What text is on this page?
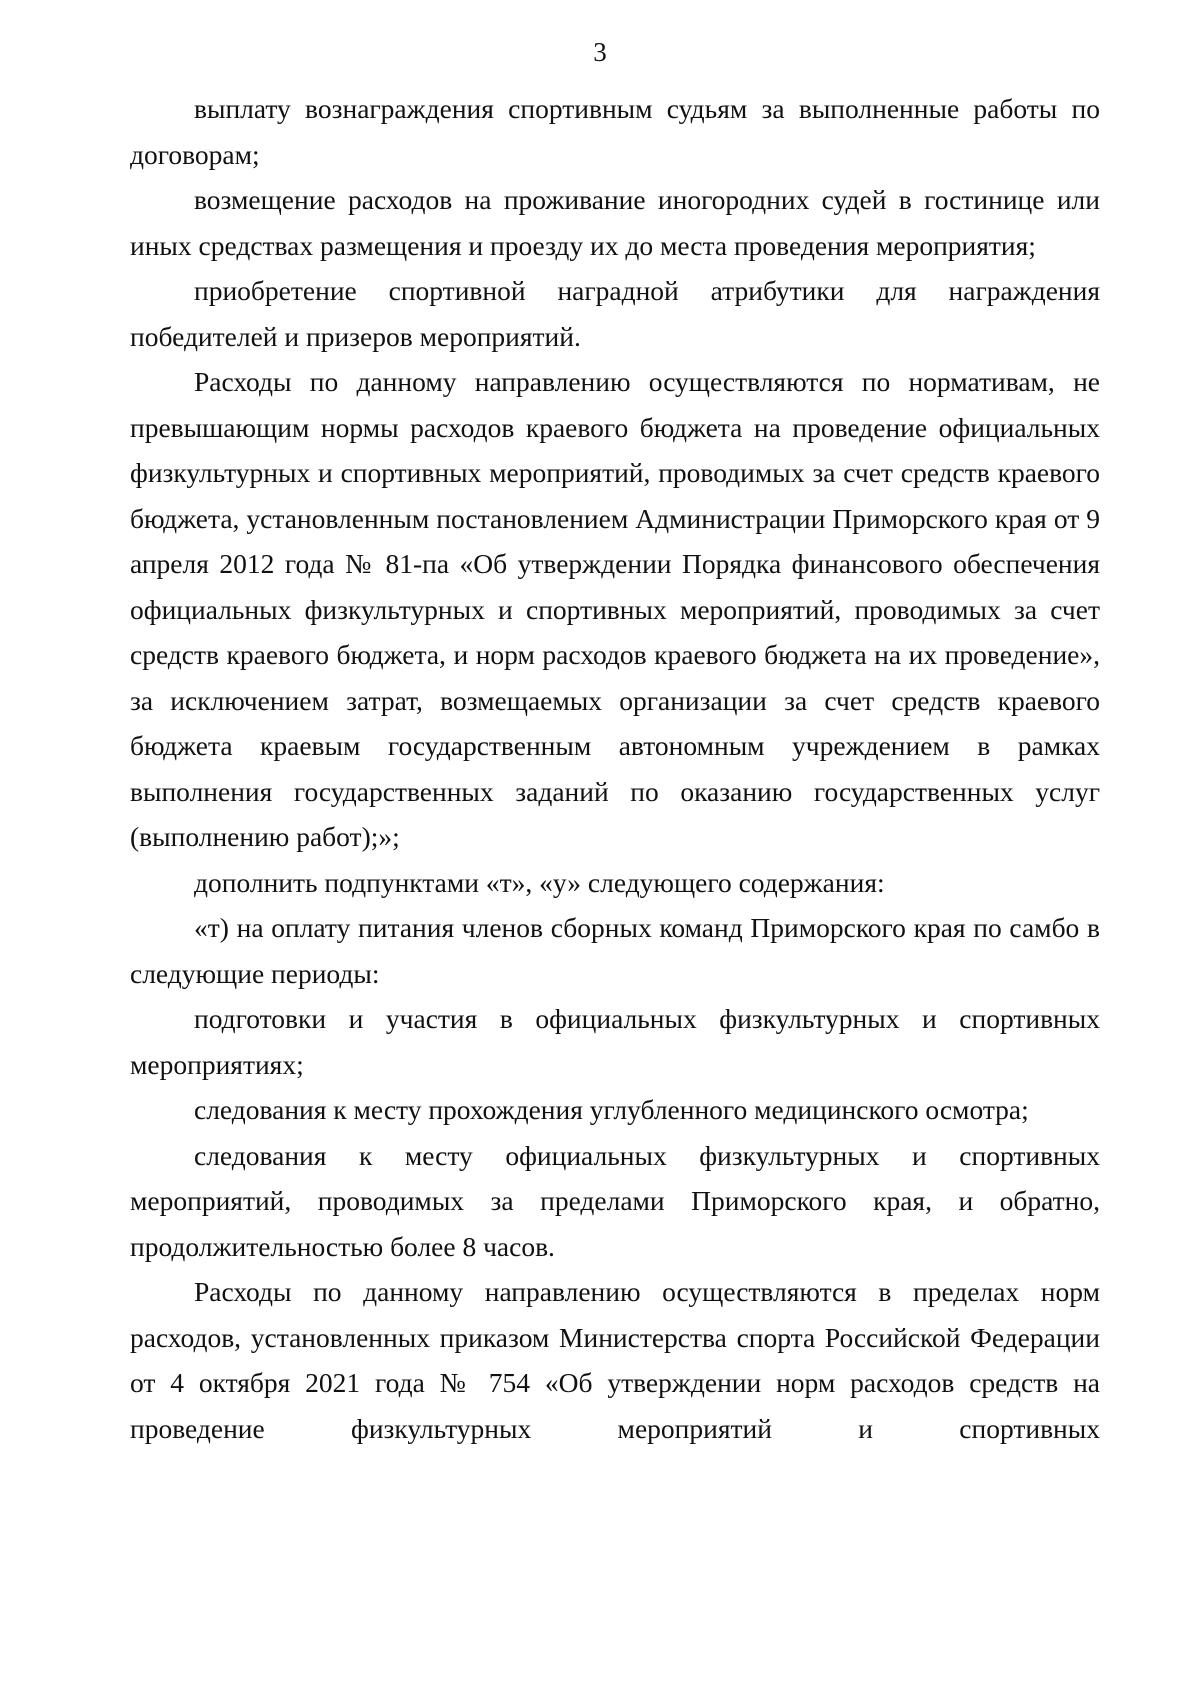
3

выплату вознаграждения спортивным судьям за выполненные работы по договорам;

возмещение расходов на проживание иногородних судей в гостинице или иных средствах размещения и проезду их до места проведения мероприятия;

приобретение спортивной наградной атрибутики для награждения победителей и призеров мероприятий.

Расходы по данному направлению осуществляются по нормативам, не превышающим нормы расходов краевого бюджета на проведение официальных физкультурных и спортивных мероприятий, проводимых за счет средств краевого бюджета, установленным постановлением Администрации Приморского края от 9 апреля 2012 года № 81-па «Об утверждении Порядка финансового обеспечения официальных физкультурных и спортивных мероприятий, проводимых за счет средств краевого бюджета, и норм расходов краевого бюджета на их проведение», за исключением затрат, возмещаемых организации за счет средств краевого бюджета краевым государственным автономным учреждением в рамках выполнения государственных заданий по оказанию государственных услуг (выполнению работ);»;

дополнить подпунктами «т», «у» следующего содержания:

«т) на оплату питания членов сборных команд Приморского края по самбо в следующие периоды:

подготовки и участия в официальных физкультурных и спортивных мероприятиях;

следования к месту прохождения углубленного медицинского осмотра;

следования к месту официальных физкультурных и спортивных мероприятий, проводимых за пределами Приморского края, и обратно, продолжительностью более 8 часов.

Расходы по данному направлению осуществляются в пределах норм расходов, установленных приказом Министерства спорта Российской Федерации от 4 октября 2021 года № 754 «Об утверждении норм расходов средств на проведение физкультурных мероприятий и спортивных
